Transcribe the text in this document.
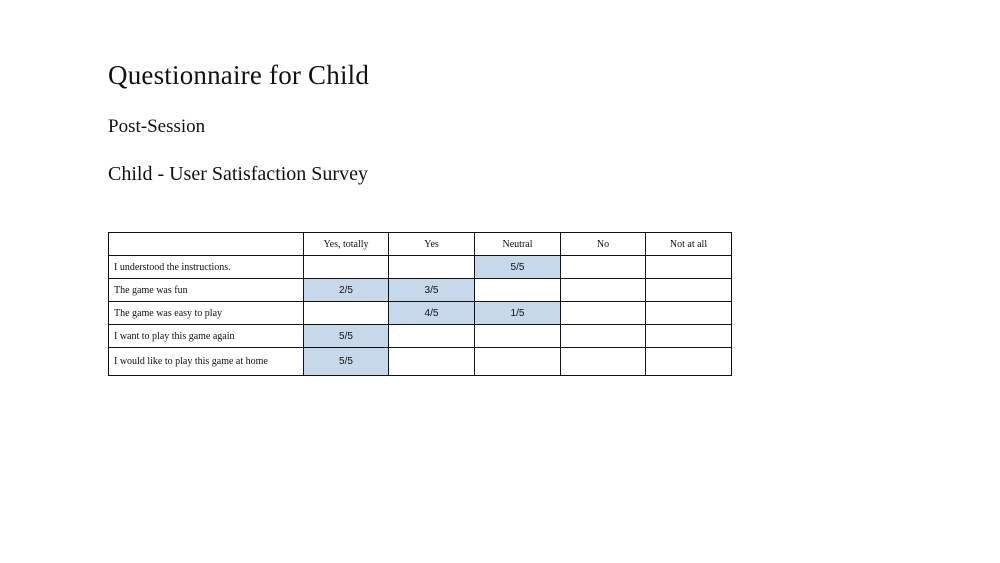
Questionnaire for Child
Post-Session
Child - User Satisfaction Survey
	Yes, totally	Yes	Neutral	No	Not at all
I understood the instructions.			5/5		
The game was fun	2/5	3/5			
The game was easy to play		4/5	1/5		
I want to play this game again	5/5				
I would like to play this game at home	5/5				
